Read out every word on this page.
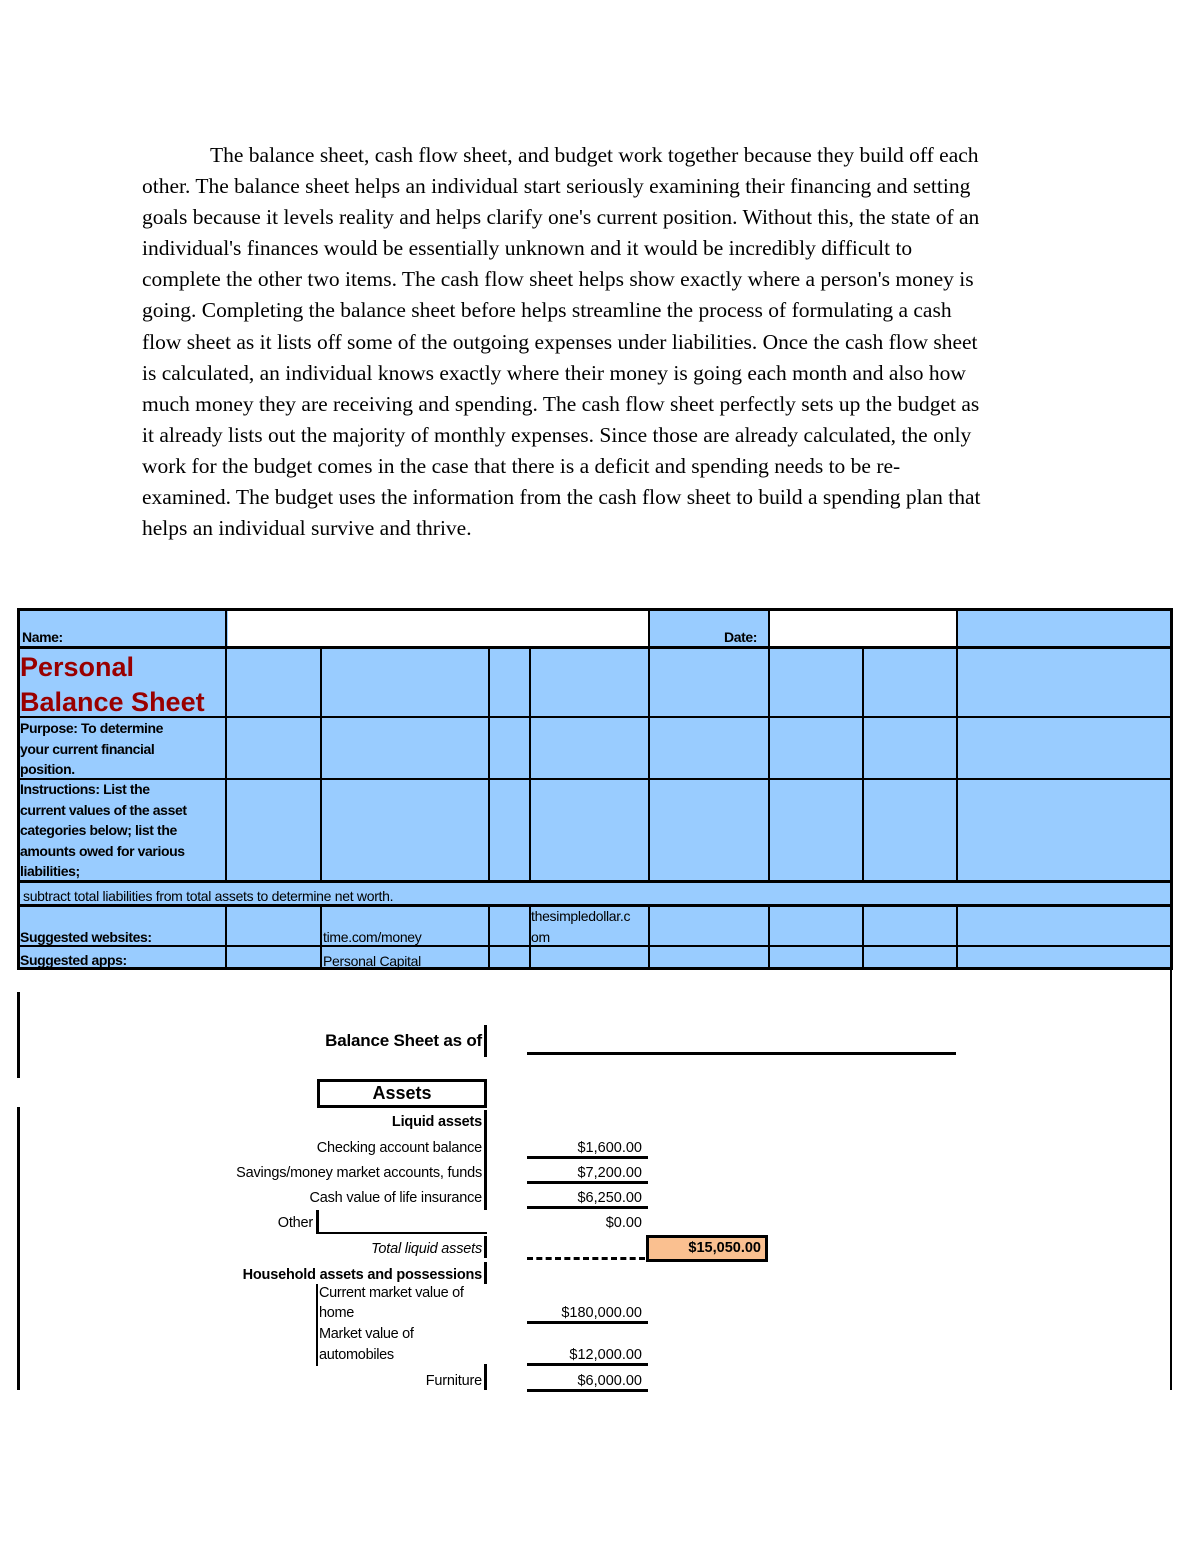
The balance sheet, cash flow sheet, and budget work together because they build off each
other. The balance sheet helps an individual start seriously examining their financing and setting
goals because it levels reality and helps clarify one's current position. Without this, the state of an
individual's finances would be essentially unknown and it would be incredibly difficult to
complete the other two items. The cash flow sheet helps show exactly where a person's money is
going. Completing the balance sheet before helps streamline the process of formulating a cash
flow sheet as it lists off some of the outgoing expenses under liabilities. Once the cash flow sheet
is calculated, an individual knows exactly where their money is going each month and also how
much money they are receiving and spending. The cash flow sheet perfectly sets up the budget as
it already lists out the majority of monthly expenses. Since those are already calculated, the only
work for the budget comes in the case that there is a deficit and spending needs to be re-
examined. The budget uses the information from the cash flow sheet to build a spending plan that
helps an individual survive and thrive.
Name:	Date:
Personal
Balance Sheet
Purpose: To determine
your current financial
position.
Instructions: List the
current values of the asset
categories below; list the
amounts owed for various
liabilities;
subtract total liabilities from total assets to determine net worth.
Suggested websites:	time.com/money
thesimpledollar.c
om
Suggested apps:	Personal Capital
Balance Sheet as of
Assets
Liquid assets
Checking account balance	$1,600.00
Savings/money market accounts, funds	$7,200.00
Cash value of life insurance	$6,250.00
Other	$0.00
Total liquid assets	$15,050.00
Household assets and possessions
Current market value of
home	$180,000.00
Market value of
automobiles	$12,000.00
Furniture	$6,000.00
